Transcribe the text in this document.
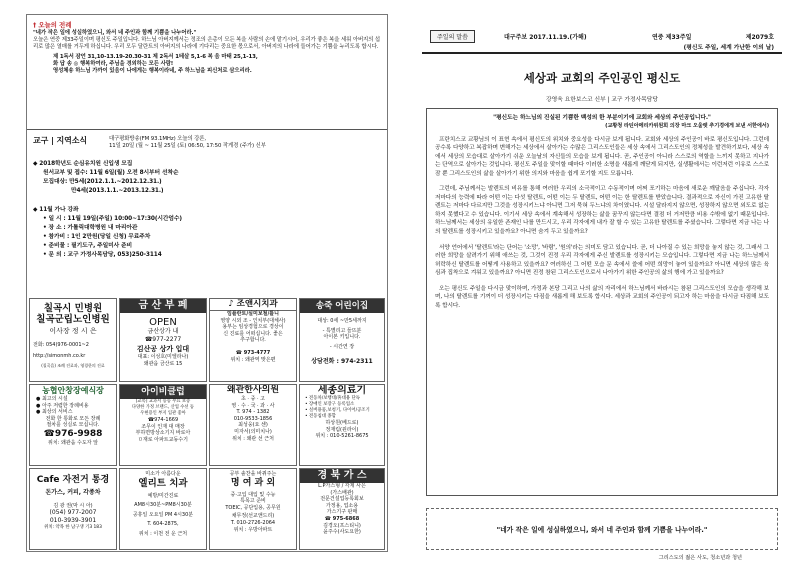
† 오늘의 전례
"네가 작은 일에 성실하였으니, 와서 네 주인과 함께 기쁨을 나누어라."
오늘은 연중 제33주일이며 평신도 주일입니다. 하느님 아버지께서는 정조의 은총이 모든 복을 사람의 손에 맡기시어, 우리가 좋은 복을 세워 아버지의 섭리로 많은 열매를 거두게 하십니다. 우리 모두 달란트의 아버지의 나라에 기다리는 중요한 몫으로서, 아버지의 나라에 들어가는 기쁨을 누리도록 합시다.
제 1독서 잠언 31,10-13.19-20.30-31 제 2독서 1테살 5,1-6 복 음 마태 25,1-13,
화 답 송 ◎ 행복하여라, 주님을 경외하는 모든 사람!
영성체송 하느님 가까이 있음이 나에게는 행복이라네, 주 하느님을 피신처로 삼으리라.
교구 | 지역소식	대구평화방송(FM 93.1MHz) 오늘의 강론,
11일 20일 (월 ~ 11월 25일 (토) 06:50, 17:50 작게경 (주가) 신부
◆ 2018학년도 순심유치원 신입생 모집
원서교부 및 접수: 11월 6일(월) 오전 8시부터 선착순
모집대상: 만5세(2012.1.1.~2012.12.31.)
만4세(2013.1.1.~2013.12.31.)
◆ 11월 가나 강좌
• 일 시 : 11월 19일(주일) 10:00~17:30(시간엄수)
• 장 소 : 가톨릭대학병원 내 마리아관
• 참가비 : 1인 2만원(당일 신청) 무료주차
• 준비물 : 필기도구, 주일미사 준비
• 문 의 : 교구 가정사목담당, 053)250-3114
칠곡시 민병원
칠곡군립노인병원
이사장 정 시 은
전화: 054)976-0001~2
http://simonmh.co.kr
(칠곡읍) 조례 진료과, 영경한의 진료
금 산 부 페
OPEN
금산상가 내
☎977-2277
김산공 상가 입대
대표: 이성호(미엘라나)
왜관읍 금산로 15
♪ 조앤시치과
임플란트/실미보철/틀니
영양 시외 조 - 인치부(대체사)
용부는 임상경험으로 경상이
신 진료를 어떠십니다. 좋은
추구합니다.
☎ 973-4777
위치 : 왜관역 맞은편
송죽 어린이집
대상: 0세 ~만5세까지
- 특별리고 들뜨분
아이본 키입니다.
- 시간연 장
상담전화 : 974-2311
농협안창장예식장
● 최고의 시설
● 아주 저렴한 장례비용
● 최상의 서비스
전화 한 통화로 모든 장례
절차를 성실로 모십니다.
☎976-9988
위치: 왜관읍 수도자 앞
아이비클럽
[교복] 교과서 등등 무료 보증
다양한 가정 브랜드, 산업 수선 등
우현용인 부지 입관 좋아
☎974-1669
조무이 인재 대 매장
부하면방상소기지 바로아
ㅁ재로 아파트교동수기
왜관한사의원
초 · 중 · 고
영 · 수 · 국 · 과 · 사
T. 974 - 1382
010-9533-1856
최성웅(요 센)
미자서(의미치나)
위치 : 왜관 선 근처
세종의료기
• 전동차/보행대/휴대용 단독
• 장애인 보장구 등록업소
• 실버용품,보청기, 다이어/공조기
• 전동침대 종합
하상원(베드로)
정재림(윈라이)
위치 : 010-5261-8675
Cafe 자전거 통경
돈가스, 커피, 각종차
김 광 권(막 시 아)
(054) 977-2007
010-3939-3901
위치: 약목 한 남구생 기3 183
미소가 아름다운
엘리트 치과
예방/미간진료
AM8시30분~PM8시30분
공휴일 오요일 PM 4시30분
T. 604-2875,
위치 : 이천 전 운 근처
공부 솔찬을 바꿔주는
명 여 과 외
중·고입 대입 및 수능
특목고 준비
TOEIC, 공단입용, 공무원
채무정(선교앤드리)
T. 010-2726-2064
위치 : 우방아파트
경 북 가 스
L.P가스형 / 각제 사은
(가스배관)
전문건설업등록회보
가정용, 업소용
가스기구 판매
☎ 975-6868
김경오(프스티니)
윤주수(사도요한)
주일의 말씀	대구주보 2017.11.19.(가해)	연중 제33주일	제2079호
(평신도 주일, 세계 가난한 이의 날)
세상과 교회의 주인공인 평신도
강영욱 요한보스코 신부 | 교구 가정사목담당
"평신도는 하느님의 진실된 기쁨한 백성의 한 부분이기에 교회와 세상의 주인공입니다."
(교황청 라틴아메리카위원회 의장 마크 오울렛 추기경에게 보낸 서한에서)

프란치스코 교황님의 이 표현 속에서 평신도의 위치와 중요성을 다시금 보게 됩니다. 교회와 세상의 주인공이 바로 평신도입니다. 그런데 공수록 다양하고 복잡하며 변해가는 세상에서 살아가는 수많은 그리스도인들은 세상 속에서 그리스도인의 정체성을 발견하기보다, 세상 속에서 세상의 모습대로 살아가기 쉬운 오늘날의 자신들의 모습을 보게 됩니다. 곧, 주인공이 아니라 스스로의 역할을 느끼지 못하고 지나가는 단역으로 살아가는 것입니다. 평신도 주일을 맞이할 때마다 이러한 소명을 새롭게 깨닫게 되지만, 실생활에서는 이런저런 이유로 스스로 잠 뿐 그리스도인의 삶을 살아가기 위한 의지와 마음을 쉽게 포기할 지도 모릅니다.

그런데, 주님께서는 발렌트의 비유를 통해 여러한 우리의 소극적이고 수동적이며 어쩌 포기하는 마음에 새로운 깨달음을 주십니다. 각자 저마다의 능력에 따라 어떤 이는 다섯 탈렌트, 어떤 이는 두 탈렌트, 어떤 이는 한 탈렌트를 받았습니다. 결과적으로 자신이 가진 고유한 탈렌트는 저마다 다르지만 그것을 성장시키느냐 아니면 그저 묵혀 두느냐의 차이였니다. 시설 달라지지 않으면, 성장하지 않으면 외도로 없는하지 못했다고 수 있습니다. 이기서 세상 속에서 계속해서 성장하는 삶을 꿈꾸지 않는다면 결점 더 거저만큼 비용 수밖에 없기 때문입니다. 하느님께서는 세상의 유일한 존재인 나를 만드시고, 우리 각자에게 내가 잘 할 수 있는 고유한 탈렌트를 주셨습니다. 그렇다면 지금 나는 나의 탈렌트를 성장시키고 있을까요? 아니면 숨겨 두고 있을까요?

서양 언어에서 '탈렌트'라는 단어는 '소망', '바람', '원의'라는 의미도 담고 있습니다. 곧, 더 나아질 수 있는 희망을 놓지 않는 것, 그래서 그러한 희망을 살려가기 위해 애쓰는 것, 그것이 진정 우리 각자에게 주신 발렌트를 성장시키는 모습입니다. 그렇다면 지금 나는 하느님께서 허락하신 탈렌트를 어떻게 사용하고 있을까요? 여러하신 그 어떤 모습 문 속에서 쓸에 어떤 희망이 놓여 있을까요? 아니면 세상의 많은 육심과 집착으로 겨워고 있을까요? 아니면 진정 참된 그리스도인으로서 나아가기 위한 주인공의 삶의 행에 가고 있을까요?

오는 평신도 주일을 다시금 맞이하며, 가정과 본당 그리고 나의 삶의 자리에서 하느님께서 바라시는 참된 그리스도인의 모습을 생각해 보며, 나의 탈렌트를 기꺼이 더 성장시키는 다짐을 새롭게 해 보도록 합시다. 세상과 교회의 주인공이 되고자 하는 마음을 다시금 다짐해 보도록 합시다.

"네가 작은 일에 성실하였으니, 와서 네 주인과 함께 기쁨을 나누어라."
그리스도의 젊은 사도, 청소년과 청년
